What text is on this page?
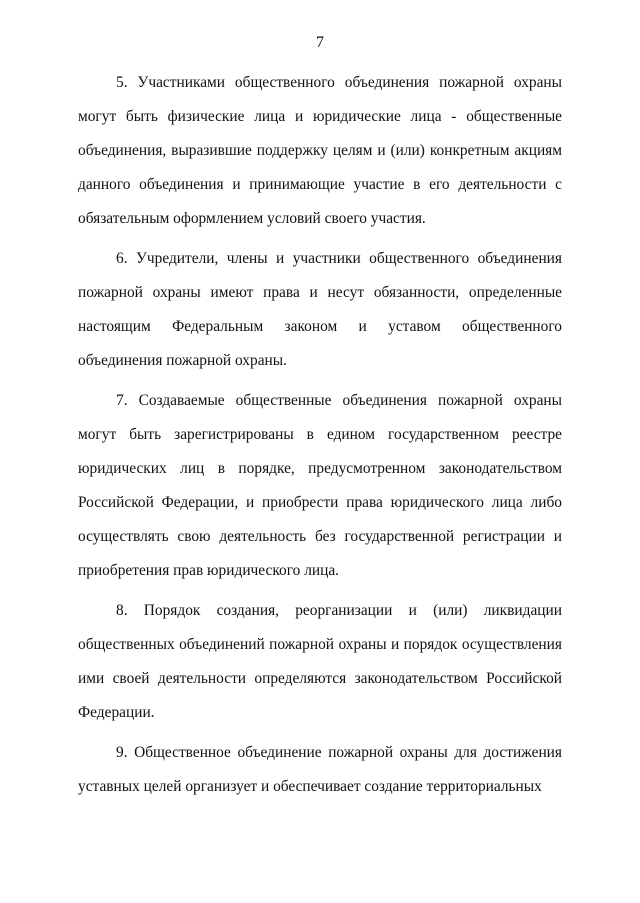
7

5. Участниками общественного объединения пожарной охраны могут быть физические лица и юридические лица - общественные объединения, выразившие поддержку целям и (или) конкретным акциям данного объединения и принимающие участие в его деятельности с обязательным оформлением условий своего участия.

6. Учредители, члены и участники общественного объединения пожарной охраны имеют права и несут обязанности, определенные настоящим Федеральным законом и уставом общественного объединения пожарной охраны.

7. Создаваемые общественные объединения пожарной охраны могут быть зарегистрированы в едином государственном реестре юридических лиц в порядке, предусмотренном законодательством Российской Федерации, и приобрести права юридического лица либо осуществлять свою деятельность без государственной регистрации и приобретения прав юридического лица.

8. Порядок создания, реорганизации и (или) ликвидации общественных объединений пожарной охраны и порядок осуществления ими своей деятельности определяются законодательством Российской Федерации.

9. Общественное объединение пожарной охраны для достижения уставных целей организует и обеспечивает создание территориальных
